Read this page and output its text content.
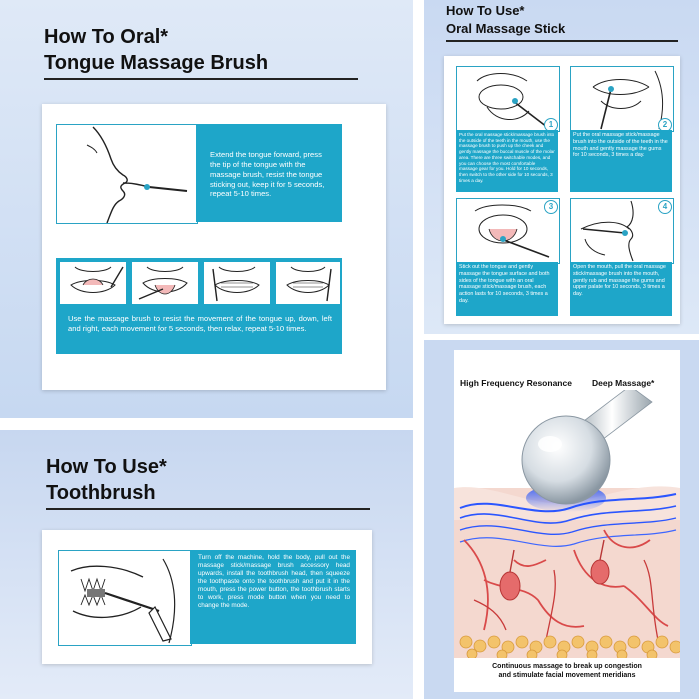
How To Oral*
Tongue Massage Brush

Extend the tongue forward, press the tip of the tongue with the massage brush, resist the tongue sticking out, keep it for 5 seconds, repeat 5-10 times.

Use the massage brush to resist the movement of the tongue up, down, left and right, each movement for 5 seconds, then relax, repeat 5-10 times.

How To Use*
Toothbrush

Turn off the machine, hold the body, pull out the massage stick/massage brush accessory head upwards, install the toothbrush head, then squeeze the toothpaste onto the toothbrush and put it in the mouth, press the power button, the toothbrush starts to work, press mode button when you need to change the mode.

How To Use*
Oral Massage Stick
1

Put the oral massage stick/massage brush into the outside of the teeth in the mouth, use the massage brush to push up the cheek and gently massage the buccal muscle of the molar area. There are three switchable modes, and you can choose the most comfortable massage gear for you. Hold for 10 seconds, then switch to the other side for 10 seconds, 3 times a day.

2

Put the oral massage stick/massage brush into the outside of the teeth in the mouth and gently massage the gums for 10 seconds, 3 times a day.

3

Stick out the tongue and gently massage the tongue surface and both sides of the tongue with an oral massage stick/massage brush, each action lasts for 10 seconds, 3 times a day.

4

Open the mouth, pull the oral massage stick/massage brush into the mouth, gently rub and massage the gums and upper palate for 10 seconds, 3 times a day.

High Frequency Resonance Deep Massage*
Continuous massage to break up congestion
and stimulate facial movement meridians
